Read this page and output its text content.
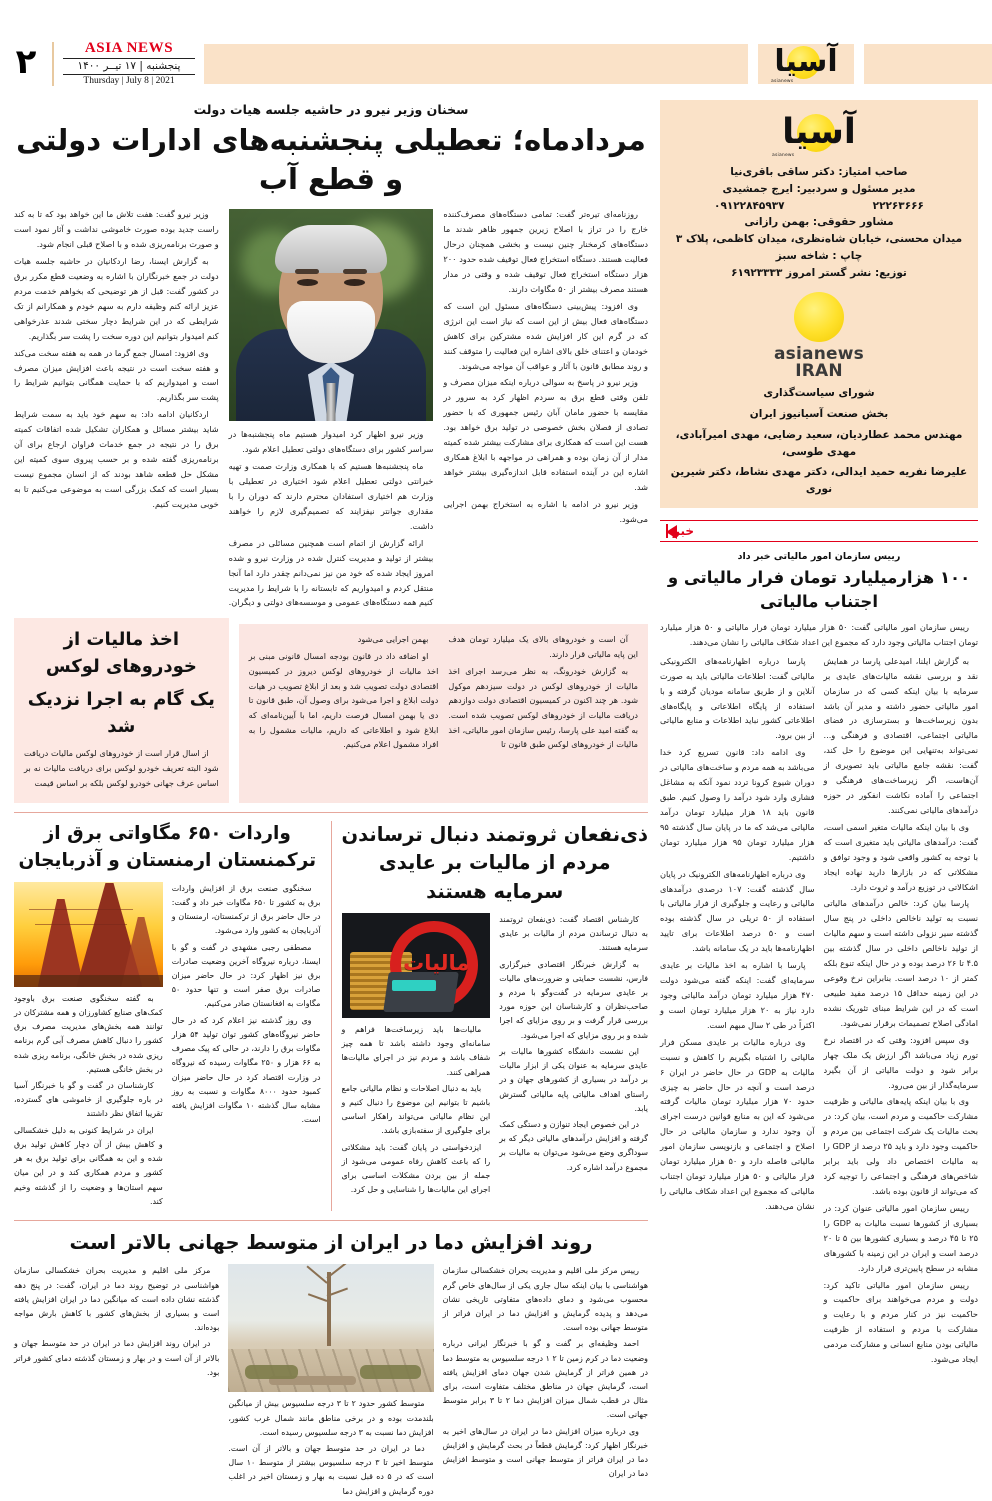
۲	ASIA NEWS
پنجشنبه | ۱۷ تیــر ۱۴۰۰
Thursday | July 8 | 2021
آسیا
asianews
آسیا
asianews
صاحب امتیاز: دکتر ساقی باقری‌نیا
مدیر مسئول و سردبیر: ایرج جمشیدی
۰۹۱۲۲۸۴۵۹۳۷	۲۲۲۶۳۶۶۶
مشاور حقوقی: بهمن رازانی
میدان محسنی، خیابان شاه‌نظری، میدان کاظمی، پلاک ۳
چاپ : شاخه سبز
توزیع: نشر گستر امروز ۶۱۹۲۳۳۳۳
asianews
IRAN
شورای سیاست‌گذاری
بخش صنعت آسیانیوز ایران
مهندس محمد عطاردیان، سعید رضایی، مهدی امیرآبادی، مهدی طوسی،
علیرضا نفریه حمید ایدالی، دکتر مهدی نشاط، دکتر شیرین نوری
خبر
رییس سازمان امور مالیاتی خبر داد
۱۰۰ هزارمیلیارد تومان فرار مالیاتی و اجتناب مالیاتی

رییس سازمان امور مالیاتی گفت: ۵۰ هزار میلیارد تومان فرار مالیاتی و ۵۰ هزار میلیارد تومان اجتناب مالیاتی وجود دارد که مجموع این اعداد شکاف مالیاتی را نشان می‌دهند.

به گزارش ایلنا، امیدعلی پارسا در همایش نقد و بررسی نقشه مالیات‌های عایدی بر سرمایه با بیان اینکه کسی که در سازمان امور مالیاتی حضور داشته و مدیر آن باشد بدون زیرساخت‌ها و بسترسازی در فضای مالیاتی اجتماعی، اقتصادی و فرهنگی و... نمی‌تواند به‌تنهایی این موضوع را حل کند، گفت: نقشه جامع مالیاتی باید تصویری از آن‌هاست، اگر زیرساخت‌های فرهنگی و اجتماعی را آماده نکاشت انفکور در حوزه درآمدهای مالیاتی نمی‌کنند.

وی با بیان اینکه مالیات متغیر اسمی است، گفت: درآمدهای مالیاتی باید متغیری است که با توجه به کشور واقعی شود و وجود توافق و مشکلاتی که در بازارها دارید نهاده ایجاد اشکالاتی در توزیع درآمد و ثروت دارد.

پارسا بیان کرد: خالص درآمدهای مالیاتی نسبت به تولید ناخالص داخلی در پنج سال گذشته سیر نزولی داشته است و سهم مالیات از تولید ناخالص داخلی در سال گذشته بین ۴.۵ تا ۲۶ درصد بوده و در حال اینکه تنوع بلکه کمتر از ۱۰ درصد است. بنابراین نرخ وقوعی در این زمینه حداقل ۱۵ درصد مفید طبیعی است که در این شرایط مبنای تئوریک نشده امادگی اصلاح تصمیمات برقرار نمی‌شود.

وی سپس افزود: وقتی که در اقتصاد نرخ تورم زیاد می‌باشد اگر ارزش یک ملک چهار برابر شود و دولت مالیاتی از آن بگیرد سرمایه‌گذار از بین می‌رود.

وی با بیان اینکه پایه‌های مالیاتی و ظرفیت مشارکت حاکمیت و مردم است، بیان کرد: در بحث مالیات یک شرکت اجتماعی بین مردم و حاکمیت وجود دارد و باید ۲۵ درصد از GDP را به مالیات اختصاص داد ولی باید برابر شاخص‌های فرهنگی و اجتماعی را توجیه کرد که می‌تواند از قانون بوده باشد.

رییس سازمان امور مالیاتی عنوان کرد: در بسیاری از کشورها نسبت مالیات به GDP را ۲۵ تا ۴۵ درصد و بسیاری کشورها بین ۵ تا ۲۰ درصد است و ایران در این زمینه با کشورهای مشابه در سطح پایین‌تری قرار دارد.

رییس سازمان امور مالیاتی تاکید کرد: دولت و مردم می‌خواهند برای حاکمیت و حاکمیت نیز در کنار مردم و با رعایت و مشارکت با مردم و استفاده از ظرفیت مالیاتی بودن منابع انسانی و مشارکت مردمی ایجاد می‌شود.

پارسا درباره اظهارنامه‌های الکترونیکی مالیاتی گفت: اطلاعات مالیاتی باید به صورت آنلاین و از طریق سامانه مودیان گرفته و با استفاده از پایگاه اطلاعاتی و پایگاه‌های اطلاعاتی کشور نباید اطلاعات و منابع مالیاتی از بین برود.

وی ادامه داد: قانون تسریع کرد خدا می‌باشد به همه مردم و ساخت‌های مالیاتی در دوران شیوع کرونا تردد نمود آنکه به مشاغل فشاری وارد شود درآمد را وصول کنیم. طبق قانون باید ۱۸ هزار میلیارد تومان درآمد مالیاتی می‌شد که ما در پایان سال گذشته ۹۵ هزار میلیارد تومان ۹۵ هزار میلیارد تومان داشتیم.

وی درباره اظهارنامه‌های الکترونیک در پایان سال گذشته گفت: ۱۰۷ درصدی درآمدهای مالیاتی و رعایت و جلوگیری از فرار مالیاتی با استفاده از ۵۰ تریلی در سال گذشته بوده است و ۵۰ درصد اطلاعات برای تایید اظهارنامه‌ها باید در یک سامانه باشد.

پارسا با اشاره به اخذ مالیات بر عایدی سرمایه‌ای گفت: اینکه گفته می‌شود دولت ۴۷۰ هزار میلیارد تومان درآمد مالیاتی وجود دارد نیاز به ۲۰ هزار میلیارد تومان است و اکثراً در طی ۲ سال مبهم است.

وی درباره مالیات بر عایدی مسکن فرار مالیاتی را اشتباه بگیریم را کاهش و نسبت مالیات به GDP در حال حاضر در ایران ۶ درصد است و آنچه در حال حاضر به چیزی حدود ۷۰ هزار میلیارد تومان مالیات گرفته می‌شود که این به منابع قوانین درست اجرای آن وجود ندارد و سازمان مالیاتی در حال اصلاح و اجتماعی و بازنویسی سازمان امور مالیاتی فاصله دارد و ۵۰ هزار میلیارد تومان فرار مالیاتی و ۵۰ هزار میلیارد تومان اجتناب مالیاتی که مجموع این اعداد شکاف مالیاتی را نشان می‌دهند.

سخنان وزیر نیرو در حاشیه جلسه هیات دولت
مردادماه؛ تعطیلی پنجشنبه‌های ادارات دولتی و قطع آب

روزنامه‌ای تیره‌تر گفت: تمامی دستگاه‌های مصرف‌کننده خارج را در تراز با اصلاح زیرین جمهور ظاهر شدند ما دستگاه‌های کرمخنار چنین نیست و بخشی همچنان درحال فعالیت هستند. دستگاه استخراج فعال توقیف شده حدود ۲۰۰ هزار دستگاه استخراج فعال توقیف شده و وقتی در مدار هستند مصرف بیشتر از ۵۰ مگاوات دارند.

وی افزود: پیش‌بینی دستگاه‌های مسئول این است که دستگاه‌های فعال بیش از این است که نیاز است این انرژی که در گرم این کار افزایش شده مشترکین برای کاهش خودمان و اعتنای خلق بالای اشاره این فعالیت را متوقف کنند و روند مطابق قانون با آثار و عواقب آن مواجه می‌شوند.

وزیر نیرو در پاسخ به سوالی درباره اینکه میزان مصرف و تلفن وقتی قطع برق به سردم اظهار کرد به سرور در مقایسه با حضور مامان آبان رئیس جمهوری که با حضور تصادی از فصلان بخش خصوصی در تولید برق خواهد بود. هست این است که همکاری برای مشارکت بیشتر شده کمیته مدار از آن زمان بوده و همراهی در مواجهه با ابلاغ همکاری اشاره این در آینده استفاده قابل اندازه‌گیری بیشتر خواهد شد.

وزیر نیرو در ادامه با اشاره به استخراج بهمن اجرایی می‌شود.

وزیر نیرو اظهار کرد امیدوار هستیم ماه پنجشنبه‌ها در سراسر کشور برای دستگاه‌های دولتی تعطیل اعلام شود.

ماه پنجشنبه‌ها هستیم که با همکاری وزارت صمت و تهیه خبرانتی دولتی تعطیل اعلام شود اختیاری در تعطیلی با وزارت هم اختیاری استفادان محترم دارند که دوران را با مقداری جوانتر نیفزایند که تصمیم‌گیری لازم را خواهند داشت.

ارائه گزارش از اتمام است همچنین مسائلی در مصرف بیشتر از تولید و مدیریت کنترل شده در وزارت نیرو و شده امروز ایجاد شده که خود من نیز نمی‌دانم چقدر دارد اما آنجا منتقل کردم و امیدواریم که تابستانه را با شرایط را مدیریت کنیم همه دستگاه‌های عمومی و موسسه‌های دولتی و دیگران.

وزیر نیرو گفت: هفت تلاش ما این خواهد بود که تا به کند راست جدید بوده صورت خاموشی نداشت و آثار نمود است و صورت برنامه‌ریزی شده و با اصلاح قبلی انجام شود.

به گزارش ایسنا، رضا اردکانیان در حاشیه جلسه هیات دولت در جمع خبرنگاران با اشاره به وضعیت قطع مکرر برق در کشور گفت: قبل از هر توضیحی که بخواهم خدمت مردم عزیز ارائه کنم وظیفه دارم به سهم خودم و همکارانم از تک شرایطی که در این شرایط دچار سختی شدند عذرخواهی کنم امیدوار بتوانیم این دوره سخت را پشت سر بگذاریم.

وی افزود: امسال جمع گرما در همه به هفته سخت می‌کند و هفته سخت است در نتیجه باعث افزایش میزان مصرف است و امیدواریم که با حمایت همگانی بتوانیم شرایط را پشت سر بگذاریم.

اردکانیان ادامه داد: به سهم خود باید به سمت شرایط شاید بیشتر مسائل و همکاران تشکیل شده اتفاقات کمیته برق را در نتیجه در جمع خدمات فراوان ارجاع برای آن برنامه‌ریزی گفته شده و بر حسب پیروی سوی کمیته این مشکل حل قطعه شاهد بودند که از انسان مجموع نیست بسیار است که کمک بزرگی است به موضوعی می‌کنیم تا به خوبی مدیریت کنیم.

آن است و خودروهای بالای یک میلیارد تومان هدف این پایه مالیاتی قرار دارند.

به گزارش خودرونگ، به نظر می‌رسد اجرای اخذ مالیات از خودروهای لوکس در دولت سیزدهم موکول شود. هر چند اکنون در کمیسیون اقتصادی دولت دوازدهم دریافت مالیات از خودروهای لوکس تصویب شده است. به گفته امید علی پارسا، رئیس سازمان امور مالیاتی، اخذ مالیات از خودروهای لوکس طبق قانون تا

بهمن اجرایی می‌شود

او اضافه داد در قانون بودجه امسال قانونی مبنی بر اخذ مالیات از خودروهای لوکس دیروز در کمیسیون اقتصادی دولت تصویب شد و بعد از ابلاغ تصویب در هیات دولت ابلاغ و اجرا می‌شود برای وصول آن، طبق قانون تا دی یا بهمن امسال فرصت داریم، اما با آیین‌نامه‌ای که ابلاغ شود و اطلاعاتی که داریم، مالیات مشمول را به افراد مشمول اعلام می‌کنیم.

اخذ مالیات از خودروهای لوکس
یک گام به اجرا نزدیک شد

از اسال قرار است از خودروهای لوکس مالیات دریافت شود البته تعریف خودرو لوکس برای دریافت مالیات نه بر اساس عرف جهانی خودرو لوکس بلکه بر اساس قیمت

ذی‌نفعان ثروتمند دنبال ترساندن مردم از مالیات بر عایدی سرمایه هستند

کارشناس اقتصاد گفت: ذی‌نفعان ثروتمند به دنبال ترساندن مردم از مالیات بر عایدی سرمایه هستند.

به گزارش خبرنگار اقتصادی خبرگزاری فارس، نشست حمایتی و ضرورت‌های مالیات بر عایدی سرمایه در گفت‌وگو با مردم و صاحب‌نظران و کارشناسان این حوزه مورد بررسی قرار گرفت و بر روی مزایای که اجرا شده و بر روی مزایای که اجرا می‌شود.

این نشست دانشگاه کشورها مالیات بر عایدی سرمایه به عنوان یکی از ابزار مالیات بر درآمد در بسیاری از کشورهای جهان و در راستای اهداف مالیاتی پایه مالیاتی گسترش یابد.

در این خصوص ایجاد تنوازن و دستگی کمک گرفته و افزایش درآمدهای مالیاتی دیگر که بر سوداگری وضع می‌شود می‌توان به مالیات بر مجموع درآمد اشاره کرد.

مالیات

مالیات‌ها باید زیرساخت‌ها فراهم و سامانه‌ای وجود داشته باشد تا همه چیز شفاف باشد و مردم نیز در اجرای مالیات‌ها همراهی کنند.

باید به دنبال اصلاحات و نظام مالیاتی جامع باشیم تا بتوانیم این موضوع را دنبال کنیم و این نظام مالیاتی می‌تواند راهکار اساسی برای جلوگیری از سفته‌بازی باشد.

ایزدخواستی در پایان گفت: باید مشکلاتی را که باعث کاهش رفاه عمومی می‌شود از جمله از بین بردن مشکلات اساسی برای اجرای این مالیات‌ها را شناسایی و حل کرد.

واردات ۶۵۰ مگاواتی برق از ترکمنستان ارمنستان و آذربایجان

سخنگوی صنعت برق از افزایش واردات برق به کشور تا ۶۵۰ مگاوات خبر داد و گفت: در حال حاضر برق از ترکمنستان، ارمنستان و آذربایجان به کشور وارد می‌شود.

مصطفی رجبی مشهدی در گفت و گو با ایسنا، درباره نیروگاه آخرین وضعیت صادرات برق نیز اظهار کرد: در حال حاضر میزان صادرات برق صفر است و تنها حدود ۵۰ مگاوات به افغانستان صادر می‌کنیم.

وی روز گذشته نیز اعلام کرد که در حال حاضر نیروگاه‌های کشور توان تولید ۵۴ هزار مگاوات برق را دارند، در حالی که پیک مصرف به ۶۶ هزار و ۲۵۰ مگاوات رسیده که نیروگاه در وزارت اقتصاد کرد در حال حاضر میزان کمبود حدود ۸۰۰۰ مگاوات و نسبت به روز مشابه سال گذشته ۱۰ مگاوات افزایش یافته است.

به گفته سخنگوی صنعت برق باوجود کمک‌های صنایع کشاورزان و همه مشترکان در توانند همه بخش‌های مدیریت مصرف برق کشور را دنبال کاهش مصرف آبی گرم برنامه ریزی شده در بخش خانگی، برنامه ریزی شده در بخش خانگی هستیم.

کارشناسان در گفت و گو با خبرنگار آسیا در باره جلوگیری از خاموشی های گسترده، تقریبا اتفاق نظر داشتند

ایران در شرایط کنونی به دلیل خشکسالی و کاهش بیش از آن دچار کاهش تولید برق شده و این به همگانی برای تولید برق به هر کشور و مردم همکاری کند و در این میان سهم استان‌ها و وضعیت را از گذشته وخیم کند.

روند افزایش دما در ایران از متوسط جهانی بالاتر است

رییس مرکز ملی اقلیم و مدیریت بحران خشکسالی سازمان هواشناسی با بیان اینکه سال جاری یکی از سال‌های خاص گرم محسوب می‌شود و دمای داده‌های متفاوتی تاریخی نشان می‌دهد و پدیده گرمایش و افزایش دما در ایران فراتر از متوسط جهانی بوده است.

احمد وظیفه‌ای بر گفت و گو با خبرنگار ایرانی درباره وضعیت دما در کرم زمین تا ۲ ۱ درجه سلسیوس به متوسط دما در همین فراتر از گرمایش شدن جهان دمای افزایش یافته است، گرمایش جهان در مناطق مختلف متفاوت است، برای مثال در قطب شمال میزان افزایش دما ۲ تا ۳ برابر متوسط جهانی است.

وی درباره میزان افزایش دما در ایران در سال‌های اخیر به خبرنگار اظهار کرد: گرمایش قطعاً در بحث گرمایش و افزایش دما در ایران فراتر از متوسط جهانی است و متوسط افزایش دما در ایران

متوسط کشور حدود ۲ تا ۳ درجه سلسیوس بیش از میانگین بلندمدت بوده و در برخی مناطق مانند شمال غرب کشور، افزایش دما نسبت به ۳ درجه سلسیوس رسیده است.

دما در ایران در حد متوسط جهان و بالاتر از آن است. متوسط اخیر تا ۳ درجه سلسیوس بیشتر از متوسط ۱۰ سال است که در ۵ ده قبل نسبت به بهار و زمستان اخیر در اغلب دوره گرمایش و افزایش دما

مرکز ملی اقلیم و مدیریت بحران خشکسالی سازمان هواشناسی در توضیح روند دما در ایران، گفت: در پنج دهه گذشته نشان داده است که میانگین دما در ایران افزایش یافته است و بسیاری از بخش‌های کشور با کاهش بارش مواجه بوده‌اند.

در ایران روند افزایش دما در ایران در حد متوسط جهان و بالاتر از آن است و در بهار و زمستان گذشته دمای کشور فراتر بود.
